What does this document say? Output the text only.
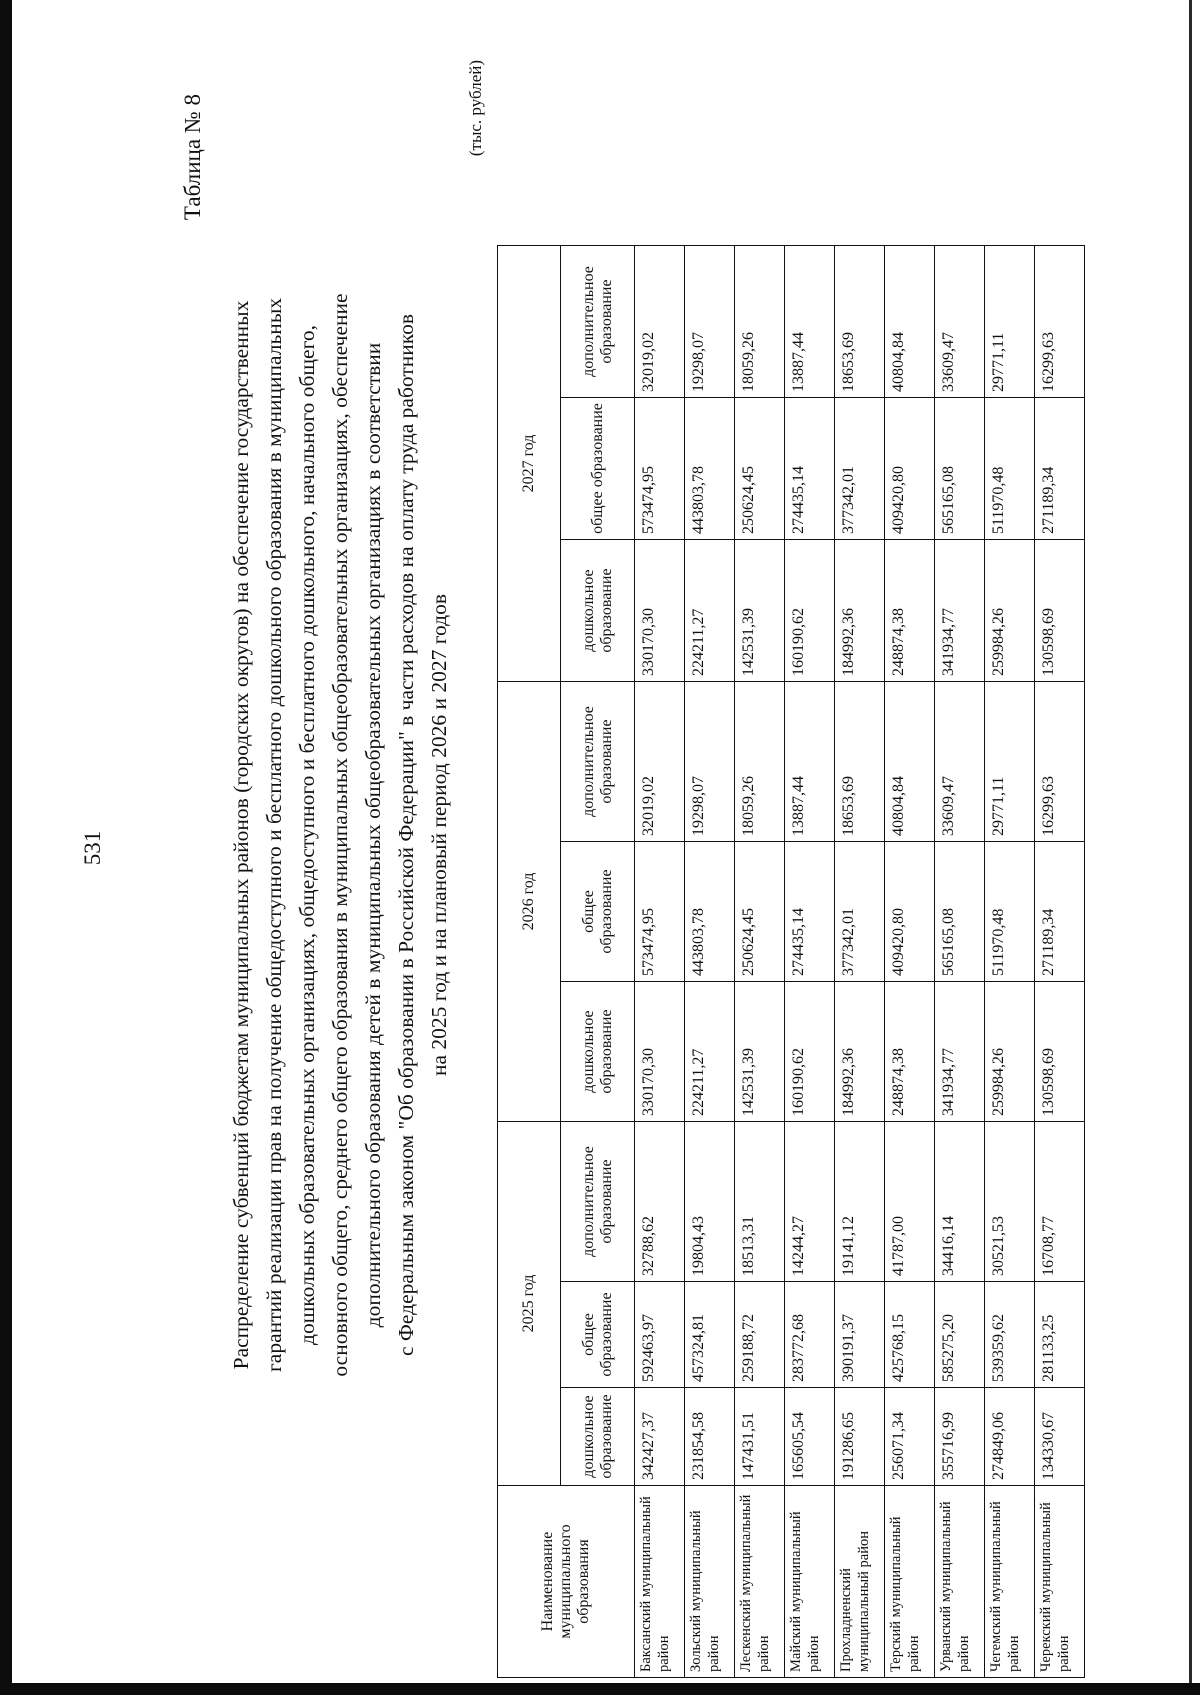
531
Таблица № 8
Распределение субвенций бюджетам муниципальных районов (городских округов) на обеспечение государственных гарантий реализации прав на получение общедоступного и бесплатного дошкольного образования в муниципальных дошкольных образовательных организациях, общедоступного и бесплатного дошкольного, начального общего, основного общего, среднего общего образования в муниципальных общеобразовательных организациях, обеспечение дополнительного образования детей в муниципальных общеобразовательных организациях в соответствии с Федеральным законом "Об образовании в Российской Федерации" в части расходов на оплату труда работников на 2025 год и на плановый период 2026 и 2027 годов
(тыс. рублей)
Наименование муниципального образования	2025 год			2026 год			2027 год		
	дошкольное образование	общее образование	дополнительное образование	дошкольное образование	общее образование	дополнительное образование	дошкольное образование	общее образование	дополнительное образование
Баксанский муниципальный район	342427,37	592463,97	32788,62	330170,30	573474,95	32019,02	330170,30	573474,95	32019,02
Зольский муниципальный район	231854,58	457324,81	19804,43	224211,27	443803,78	19298,07	224211,27	443803,78	19298,07
Лескенский муниципальный район	147431,51	259188,72	18513,31	142531,39	250624,45	18059,26	142531,39	250624,45	18059,26
Майский муниципальный район	165605,54	283772,68	14244,27	160190,62	274435,14	13887,44	160190,62	274435,14	13887,44
Прохладненский муниципальный район	191286,65	390191,37	19141,12	184992,36	377342,01	18653,69	184992,36	377342,01	18653,69
Терский муниципальный район	256071,34	425768,15	41787,00	248874,38	409420,80	40804,84	248874,38	409420,80	40804,84
Урванский муниципальный район	355716,99	585275,20	34416,14	341934,77	565165,08	33609,47	341934,77	565165,08	33609,47
Чегемский муниципальный район	274849,06	539359,62	30521,53	259984,26	511970,48	29771,11	259984,26	511970,48	29771,11
Черекский муниципальный район	134330,67	281133,25	16708,77	130598,69	271189,34	16299,63	130598,69	271189,34	16299,63
